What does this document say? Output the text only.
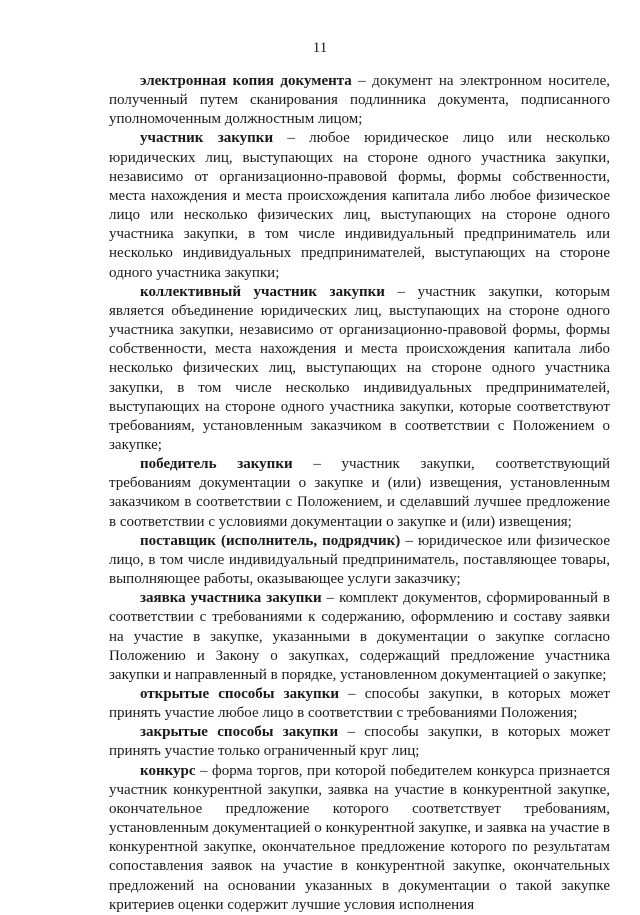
11

электронная копия документа – документ на электронном носителе, полученный путем сканирования подлинника документа, подписанного уполномоченным должностным лицом;

участник закупки – любое юридическое лицо или несколько юридических лиц, выступающих на стороне одного участника закупки, независимо от организационно-правовой формы, формы собственности, места нахождения и места происхождения капитала либо любое физическое лицо или несколько физических лиц, выступающих на стороне одного участника закупки, в том числе индивидуальный предприниматель или несколько индивидуальных предпринимателей, выступающих на стороне одного участника закупки;

коллективный участник закупки – участник закупки, которым является объединение юридических лиц, выступающих на стороне одного участника закупки, независимо от организационно-правовой формы, формы собственности, места нахождения и места происхождения капитала либо несколько физических лиц, выступающих на стороне одного участника закупки, в том числе несколько индивидуальных предпринимателей, выступающих на стороне одного участника закупки, которые соответствуют требованиям, установленным заказчиком в соответствии с Положением о закупке;

победитель закупки – участник закупки, соответствующий требованиям документации о закупке и (или) извещения, установленным заказчиком в соответствии с Положением, и сделавший лучшее предложение в соответствии с условиями документации о закупке и (или) извещения;

поставщик (исполнитель, подрядчик) – юридическое или физическое лицо, в том числе индивидуальный предприниматель, поставляющее товары, выполняющее работы, оказывающее услуги заказчику;

заявка участника закупки – комплект документов, сформированный в соответствии с требованиями к содержанию, оформлению и составу заявки на участие в закупке, указанными в документации о закупке согласно Положению и Закону о закупках, содержащий предложение участника закупки и направленный в порядке, установленном документацией о закупке;

открытые способы закупки – способы закупки, в которых может принять участие любое лицо в соответствии с требованиями Положения;

закрытые способы закупки – способы закупки, в которых может принять участие только ограниченный круг лиц;

конкурс – форма торгов, при которой победителем конкурса признается участник конкурентной закупки, заявка на участие в конкурентной закупке, окончательное предложение которого соответствует требованиям, установленным документацией о конкурентной закупке, и заявка на участие в конкурентной закупке, окончательное предложение которого по результатам сопоставления заявок на участие в конкурентной закупке, окончательных предложений на основании указанных в документации о такой закупке критериев оценки содержит лучшие условия исполнения
